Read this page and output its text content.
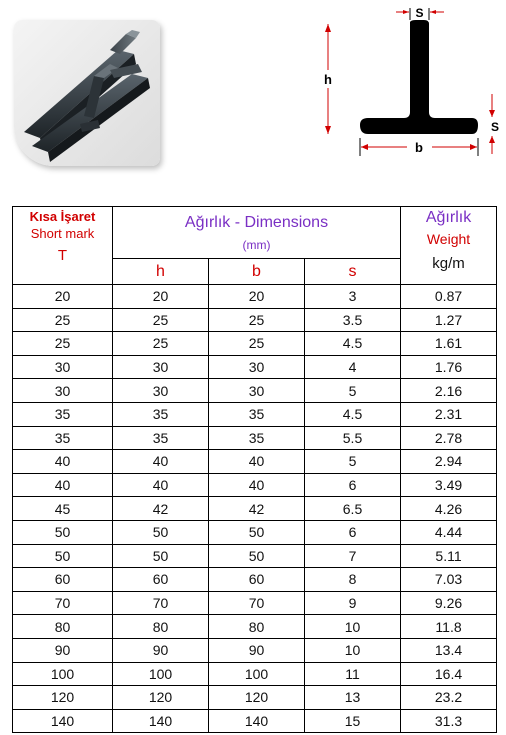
S
h
S
b
Kısa İşaret
Short mark
T	Ağırlık - Dimensions
(mm)			Ağırlık
Weight
kg/m

	h	b	s	
20	20	20	3	0.87
25	25	25	3.5	1.27
25	25	25	4.5	1.61
30	30	30	4	1.76
30	30	30	5	2.16
35	35	35	4.5	2.31
35	35	35	5.5	2.78
40	40	40	5	2.94
40	40	40	6	3.49
45	42	42	6.5	4.26
50	50	50	6	4.44
50	50	50	7	5.11
60	60	60	8	7.03
70	70	70	9	9.26
80	80	80	10	11.8
90	90	90	10	13.4
100	100	100	11	16.4
120	120	120	13	23.2
140	140	140	15	31.3
